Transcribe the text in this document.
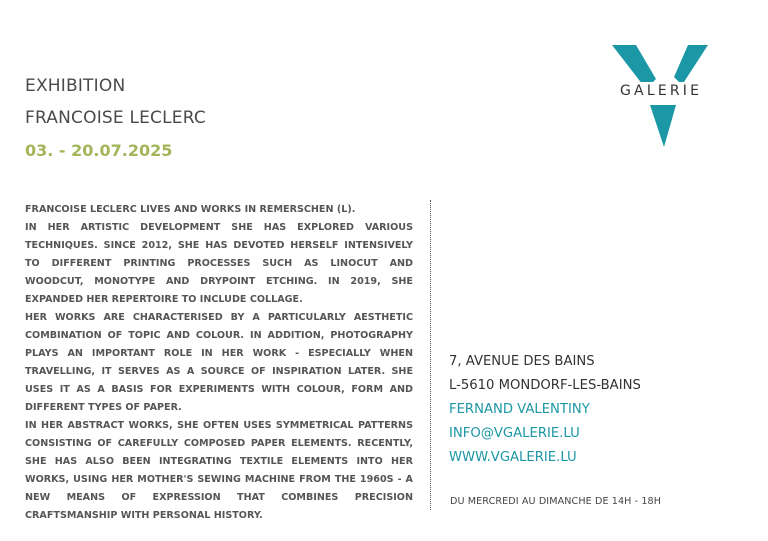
EXHIBITION
FRANCOISE LECLERC
03. - 20.07.2025
GALERIE

FRANCOISE LECLERC LIVES AND WORKS IN REMERSCHEN (L).

IN HER ARTISTIC DEVELOPMENT SHE HAS EXPLORED VARIOUS TECHNIQUES. SINCE 2012, SHE HAS DEVOTED HERSELF INTENSIVELY TO DIFFERENT PRINTING PROCESSES SUCH AS LINOCUT AND WOODCUT, MONOTYPE AND DRYPOINT ETCHING. IN 2019, SHE EXPANDED HER REPERTOIRE TO INCLUDE COLLAGE.

HER WORKS ARE CHARACTERISED BY A PARTICULARLY AESTHETIC COMBINATION OF TOPIC AND COLOUR. IN ADDITION, PHOTOGRAPHY PLAYS AN IMPORTANT ROLE IN HER WORK - ESPECIALLY WHEN TRAVELLING, IT SERVES AS A SOURCE OF INSPIRATION LATER. SHE USES IT AS A BASIS FOR EXPERIMENTS WITH COLOUR, FORM AND DIFFERENT TYPES OF PAPER.

IN HER ABSTRACT WORKS, SHE OFTEN USES SYMMETRICAL PATTERNS CONSISTING OF CAREFULLY COMPOSED PAPER ELEMENTS. RECENTLY, SHE HAS ALSO BEEN INTEGRATING TEXTILE ELEMENTS INTO HER WORKS, USING HER MOTHER'S SEWING MACHINE FROM THE 1960S - A NEW MEANS OF EXPRESSION THAT COMBINES PRECISION CRAFTSMANSHIP WITH PERSONAL HISTORY.

7, AVENUE DES BAINS
L-5610 MONDORF-LES-BAINS
FERNAND VALENTINY
INFO@VGALERIE.LU
WWW.VGALERIE.LU
DU MERCREDI AU DIMANCHE DE 14H - 18H
